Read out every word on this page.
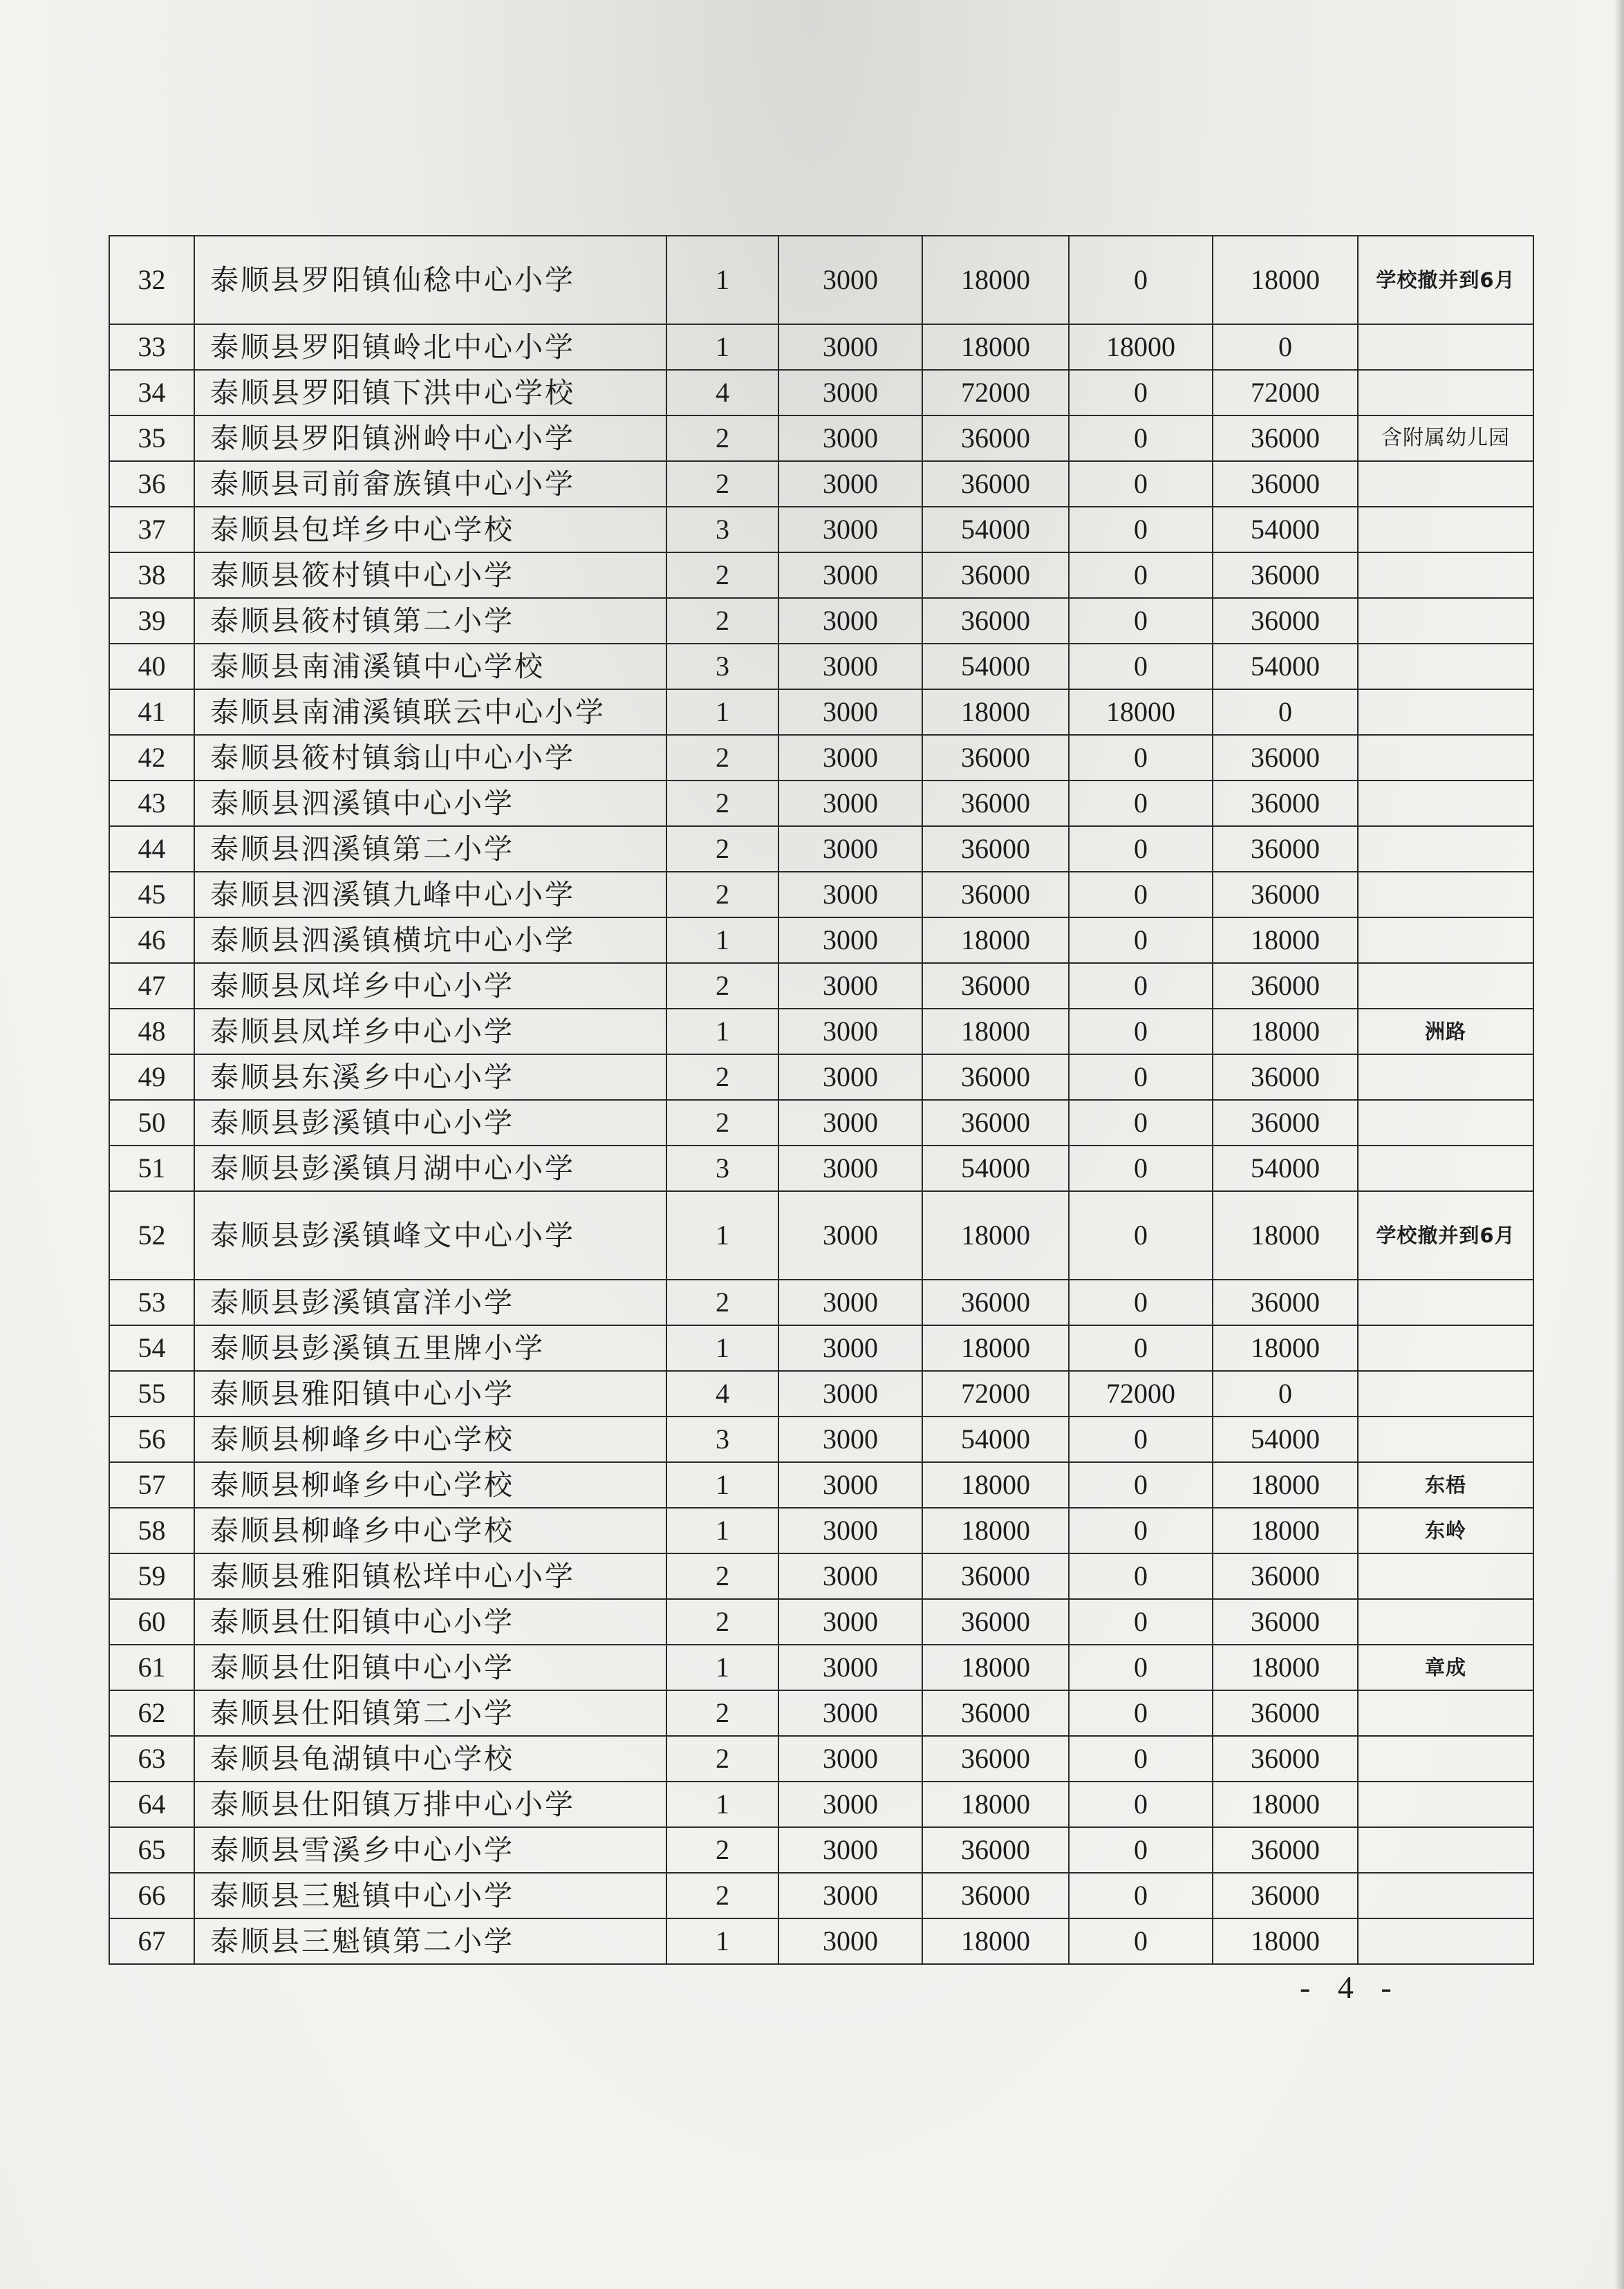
32	泰顺县罗阳镇仙稔中心小学	1	3000	18000	0	18000	学校撤并到6月
33	泰顺县罗阳镇岭北中心小学	1	3000	18000	18000	0	
34	泰顺县罗阳镇下洪中心学校	4	3000	72000	0	72000	
35	泰顺县罗阳镇洲岭中心小学	2	3000	36000	0	36000	含附属幼儿园
36	泰顺县司前畲族镇中心小学	2	3000	36000	0	36000	
37	泰顺县包垟乡中心学校	3	3000	54000	0	54000	
38	泰顺县筱村镇中心小学	2	3000	36000	0	36000	
39	泰顺县筱村镇第二小学	2	3000	36000	0	36000	
40	泰顺县南浦溪镇中心学校	3	3000	54000	0	54000	
41	泰顺县南浦溪镇联云中心小学	1	3000	18000	18000	0	
42	泰顺县筱村镇翁山中心小学	2	3000	36000	0	36000	
43	泰顺县泗溪镇中心小学	2	3000	36000	0	36000	
44	泰顺县泗溪镇第二小学	2	3000	36000	0	36000	
45	泰顺县泗溪镇九峰中心小学	2	3000	36000	0	36000	
46	泰顺县泗溪镇横坑中心小学	1	3000	18000	0	18000	
47	泰顺县凤垟乡中心小学	2	3000	36000	0	36000	
48	泰顺县凤垟乡中心小学	1	3000	18000	0	18000	洲路
49	泰顺县东溪乡中心小学	2	3000	36000	0	36000	
50	泰顺县彭溪镇中心小学	2	3000	36000	0	36000	
51	泰顺县彭溪镇月湖中心小学	3	3000	54000	0	54000	
52	泰顺县彭溪镇峰文中心小学	1	3000	18000	0	18000	学校撤并到6月
53	泰顺县彭溪镇富洋小学	2	3000	36000	0	36000	
54	泰顺县彭溪镇五里牌小学	1	3000	18000	0	18000	
55	泰顺县雅阳镇中心小学	4	3000	72000	72000	0	
56	泰顺县柳峰乡中心学校	3	3000	54000	0	54000	
57	泰顺县柳峰乡中心学校	1	3000	18000	0	18000	东梧
58	泰顺县柳峰乡中心学校	1	3000	18000	0	18000	东岭
59	泰顺县雅阳镇松垟中心小学	2	3000	36000	0	36000	
60	泰顺县仕阳镇中心小学	2	3000	36000	0	36000	
61	泰顺县仕阳镇中心小学	1	3000	18000	0	18000	章成
62	泰顺县仕阳镇第二小学	2	3000	36000	0	36000	
63	泰顺县龟湖镇中心学校	2	3000	36000	0	36000	
64	泰顺县仕阳镇万排中心小学	1	3000	18000	0	18000	
65	泰顺县雪溪乡中心小学	2	3000	36000	0	36000	
66	泰顺县三魁镇中心小学	2	3000	36000	0	36000	
67	泰顺县三魁镇第二小学	1	3000	18000	0	18000	
- 4 -
